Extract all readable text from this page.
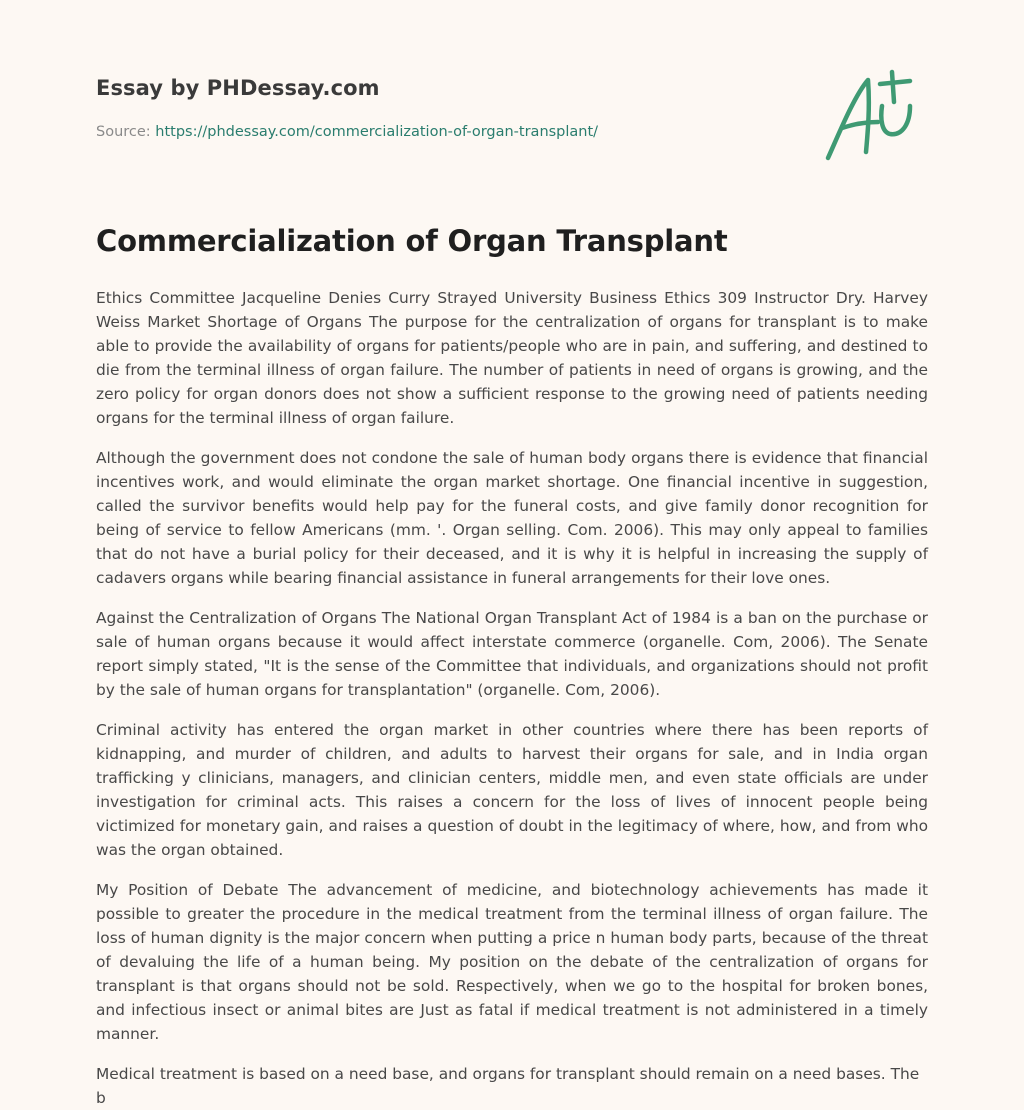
Essay by PHDessay.com

Source: https://phdessay.com/commercialization-of-organ-transplant/

Commercialization of Organ Transplant

Ethics Committee Jacqueline Denies Curry Strayed University Business Ethics 309 Instructor Dry. Harvey Weiss Market Shortage of Organs The purpose for the centralization of organs for transplant is to make able to provide the availability of organs for patients/people who are in pain, and suffering, and destined to die from the terminal illness of organ failure. The number of patients in need of organs is growing, and the zero policy for organ donors does not show a sufficient response to the growing need of patients needing organs for the terminal illness of organ failure.

Although the government does not condone the sale of human body organs there is evidence that financial incentives work, and would eliminate the organ market shortage. One financial incentive in suggestion, called the survivor benefits would help pay for the funeral costs, and give family donor recognition for being of service to fellow Americans (mm. '. Organ selling. Com. 2006). This may only appeal to families that do not have a burial policy for their deceased, and it is why it is helpful in increasing the supply of cadavers organs while bearing financial assistance in funeral arrangements for their love ones.

Against the Centralization of Organs The National Organ Transplant Act of 1984 is a ban on the purchase or sale of human organs because it would affect interstate commerce (organelle. Com, 2006). The Senate report simply stated, "It is the sense of the Committee that individuals, and organizations should not profit by the sale of human organs for transplantation" (organelle. Com, 2006).

Criminal activity has entered the organ market in other countries where there has been reports of kidnapping, and murder of children, and adults to harvest their organs for sale, and in India organ trafficking y clinicians, managers, and clinician centers, middle men, and even state officials are under investigation for criminal acts. This raises a concern for the loss of lives of innocent people being victimized for monetary gain, and raises a question of doubt in the legitimacy of where, how, and from who was the organ obtained.

My Position of Debate The advancement of medicine, and biotechnology achievements has made it possible to greater the procedure in the medical treatment from the terminal illness of organ failure. The loss of human dignity is the major concern when putting a price n human body parts, because of the threat of devaluing the life of a human being. My position on the debate of the centralization of organs for transplant is that organs should not be sold. Respectively, when we go to the hospital for broken bones, and infectious insect or animal bites are Just as fatal if medical treatment is not administered in a timely manner.

Medical treatment is based on a need base, and organs for transplant should remain on a need bases. The b
